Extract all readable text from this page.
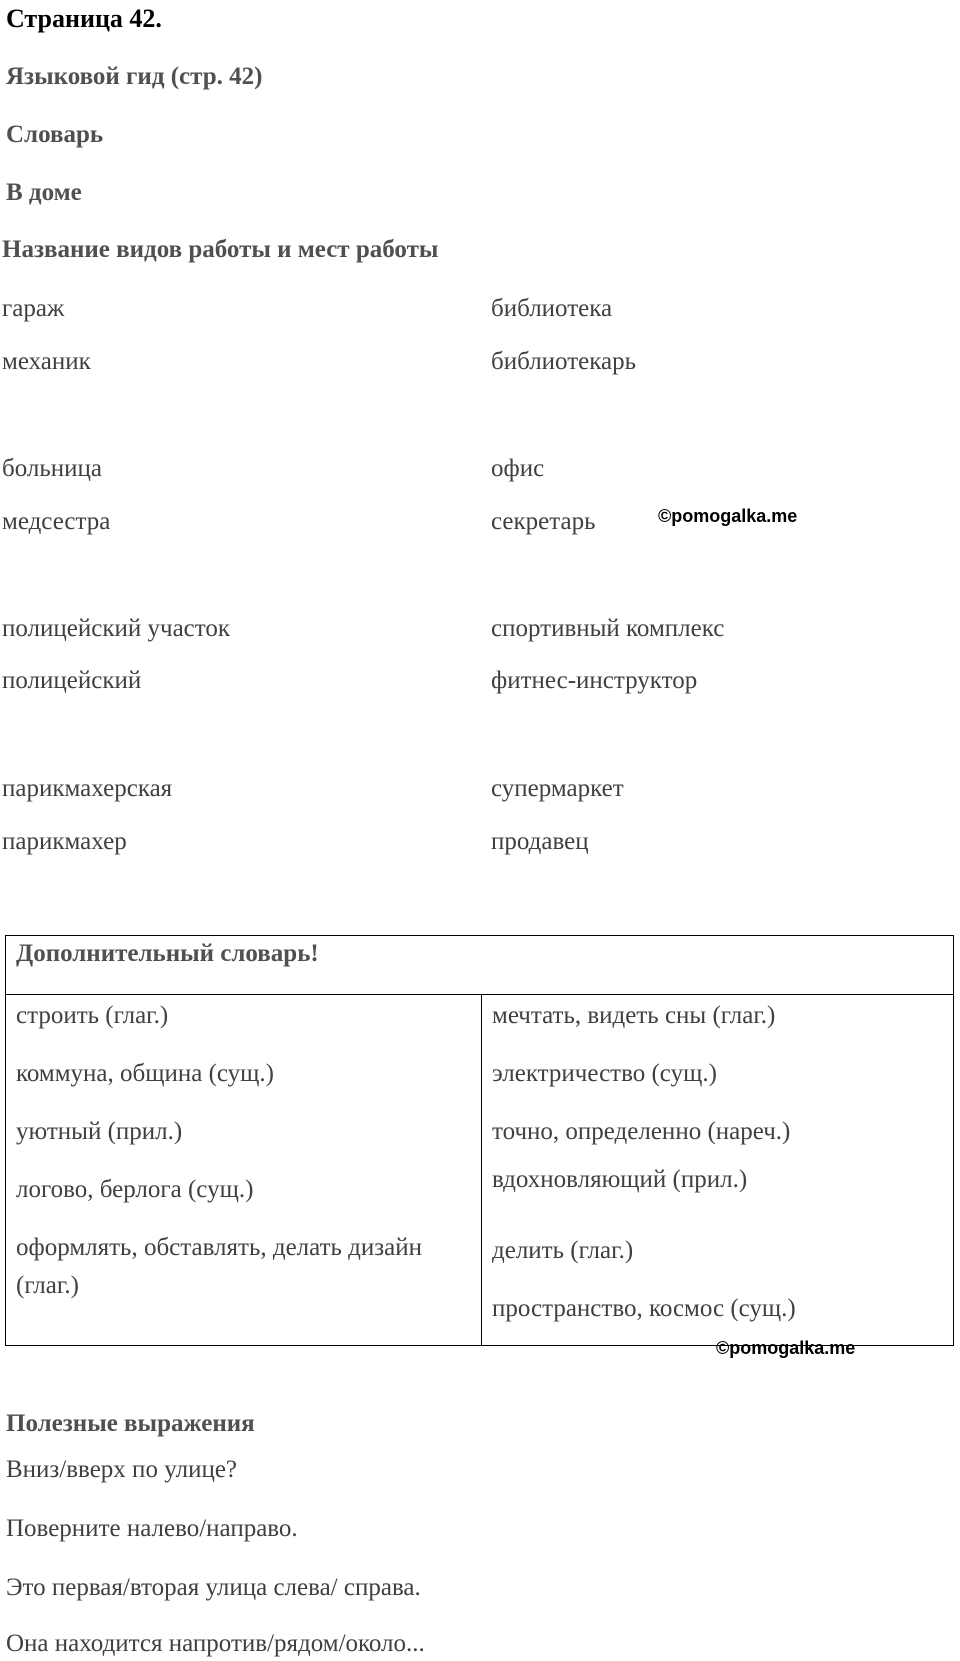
Страница 42.
Языковой гид (стр. 42)
Словарь
В доме
Название видов работы и мест работы
гараж
механик
больница
медсестра
полицейский участок
полицейский
парикмахерская
парикмахер
библиотека
библиотекарь
офис
секретарь
спортивный комплекс
фитнес-инструктор
супермаркет
продавец
©pomogalka.me
Дополнительный словарь!
строить (глаг.)
коммуна, община (сущ.)
уютный (прил.)
логово, берлога (сущ.)
оформлять, обставлять, делать дизайн (глаг.)
мечтать, видеть сны (глаг.)
электричество (сущ.)
точно, определенно (нареч.)
вдохновляющий (прил.)
делить (глаг.)
пространство, космос (сущ.)
©pomogalka.me
Полезные выражения
Вниз/вверх по улице?
Поверните налево/направо.
Это первая/вторая улица слева/ справа.
Она находится напротив/рядом/около...
